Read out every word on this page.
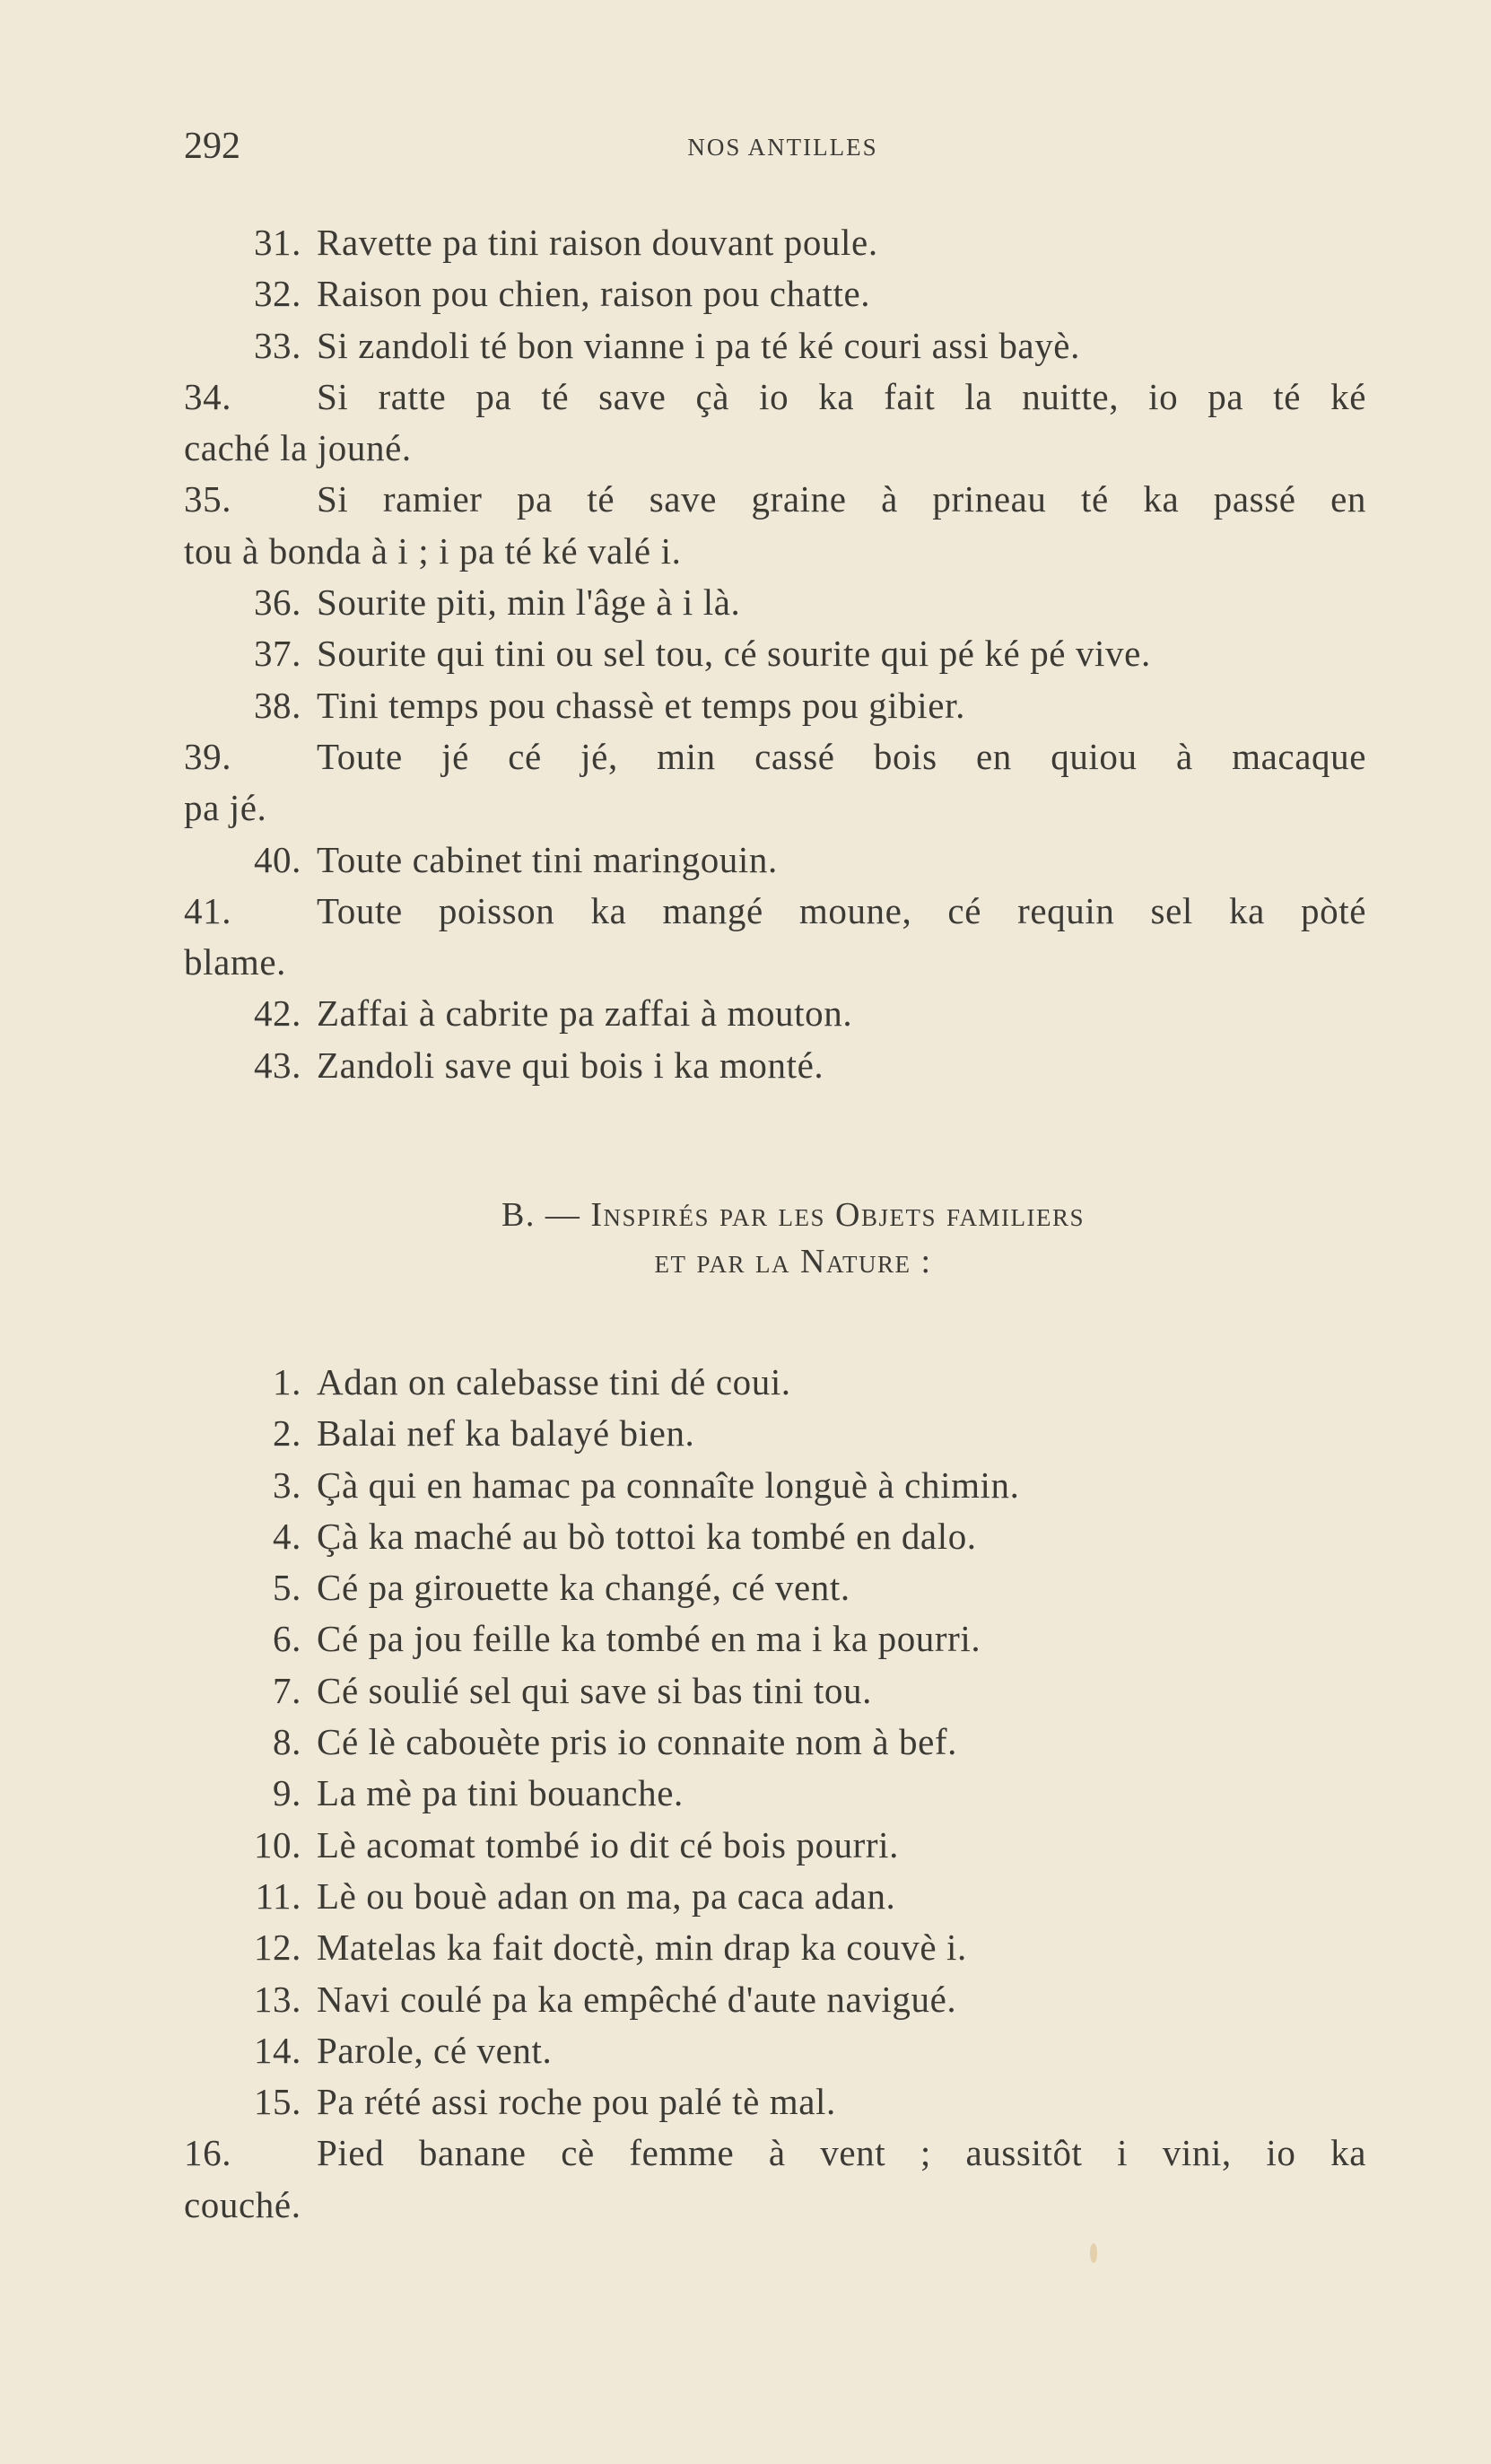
292	NOS ANTILLES
31. Ravette pa tini raison douvant poule.
32. Raison pou chien, raison pou chatte.
33. Si zandoli té bon vianne i pa té ké couri assi bayè.
34. Si ratte pa té save çà io ka fait la nuitte, io pa té ké
caché la jouné.
35. Si ramier pa té save graine à prineau té ka passé en
tou à bonda à i ; i pa té ké valé i.
36. Sourite piti, min l'âge à i là.
37. Sourite qui tini ou sel tou, cé sourite qui pé ké pé vive.
38. Tini temps pou chassè et temps pou gibier.
39. Toute jé cé jé, min cassé bois en quiou à macaque
pa jé.
40. Toute cabinet tini maringouin.
41. Toute poisson ka mangé moune, cé requin sel ka pòté
blame.
42. Zaffai à cabrite pa zaffai à mouton.
43. Zandoli save qui bois i ka monté.
B. — Inspirés par les Objets familiers
et par la Nature :
1. Adan on calebasse tini dé coui.
2. Balai nef ka balayé bien.
3. Çà qui en hamac pa connaîte longuè à chimin.
4. Çà ka maché au bò tottoi ka tombé en dalo.
5. Cé pa girouette ka changé, cé vent.
6. Cé pa jou feille ka tombé en ma i ka pourri.
7. Cé soulié sel qui save si bas tini tou.
8. Cé lè cabouète pris io connaite nom à bef.
9. La mè pa tini bouanche.
10. Lè acomat tombé io dit cé bois pourri.
11. Lè ou bouè adan on ma, pa caca adan.
12. Matelas ka fait doctè, min drap ka couvè i.
13. Navi coulé pa ka empêché d'aute navigué.
14. Parole, cé vent.
15. Pa rété assi roche pou palé tè mal.
16. Pied banane cè femme à vent ; aussitôt i vini, io ka
couché.
